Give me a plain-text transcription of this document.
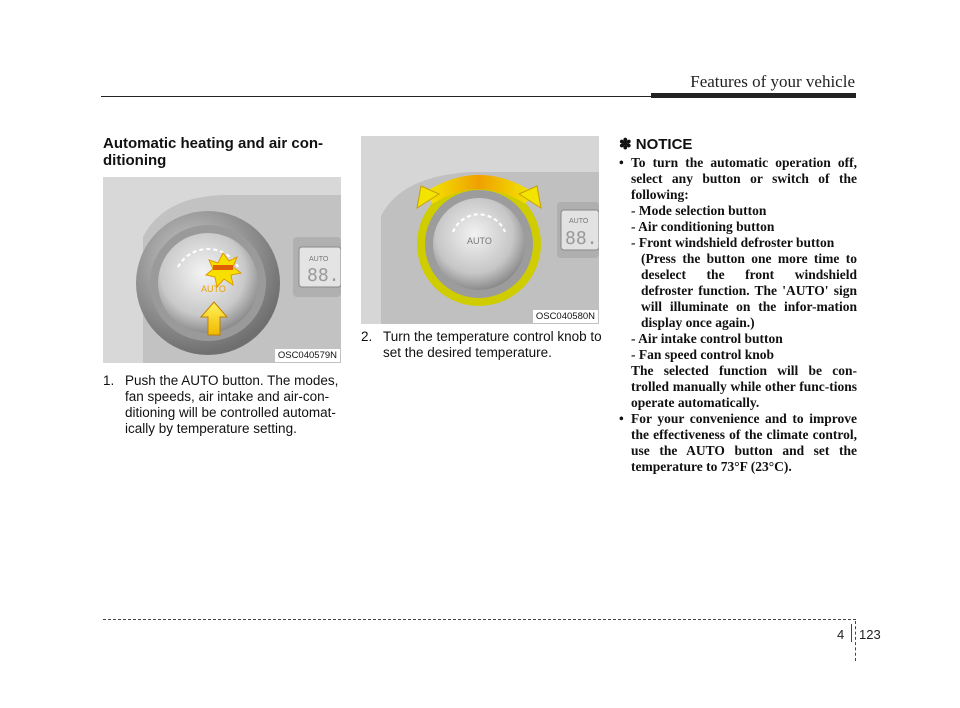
Features of your vehicle
Automatic heating and air con-ditioning
AUTO
88.
AUTO
OSC040579N
1. Push the AUTO button. The modes, fan speeds, air intake and air-con-ditioning will be controlled automat-ically by temperature setting.
AUTO
88.
AUTO
OSC040580N
2. Turn the temperature control knob to set the desired temperature.
✽ NOTICE
• To turn the automatic operation off, select any button or switch of the following:
- Mode selection button
- Air conditioning button
- Front windshield defroster button
(Press the button one more time to deselect the front windshield defroster function. The 'AUTO' sign will illuminate on the infor-mation display once again.)
- Air intake control button
- Fan speed control knob
The selected function will be con-trolled manually while other func-tions operate automatically.
• For your convenience and to improve the effectiveness of the climate control, use the AUTO button and set the temperature to 73°F (23°C).
4 123
